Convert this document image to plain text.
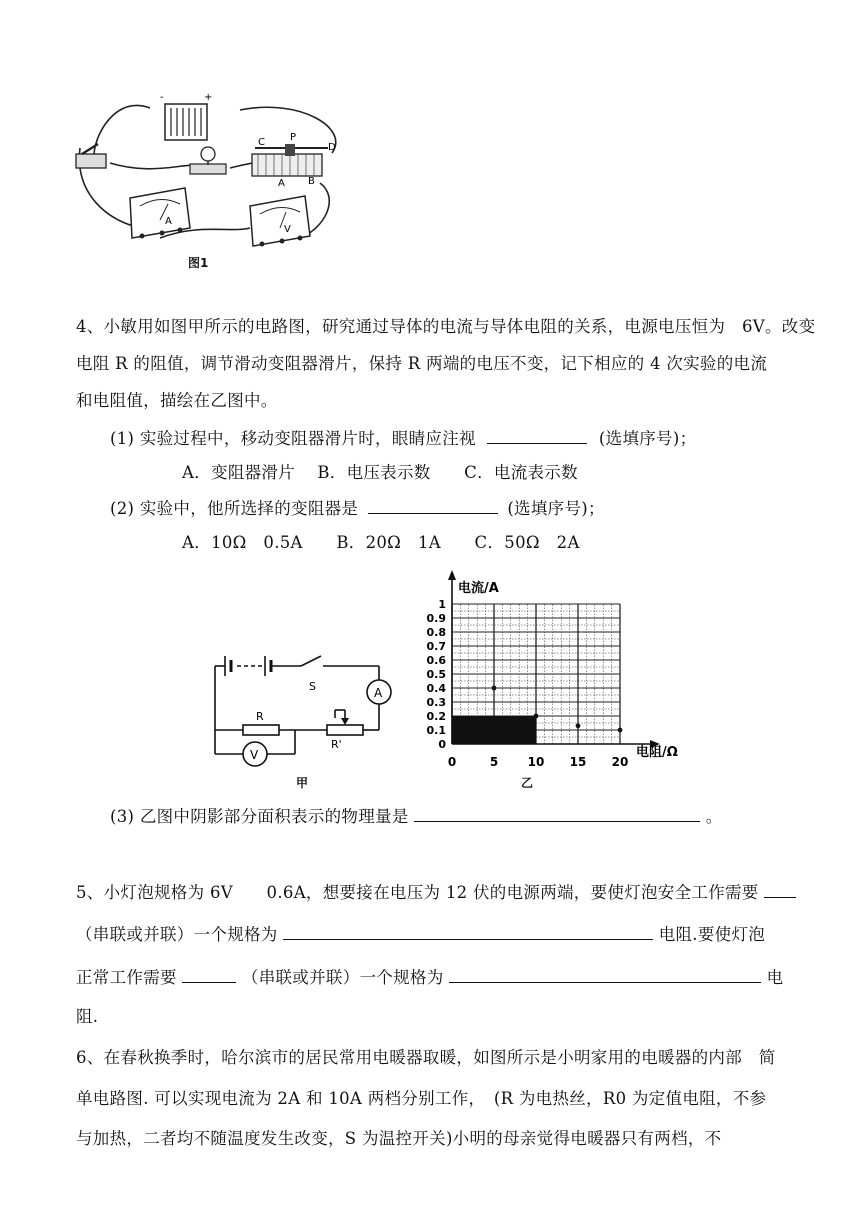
-	+
C	P
D
A B
A
V
图1
4、小敏用如图甲所示的电路图，研究通过导体的电流与导体电阻的关系，电源电压恒为　6V。改变
电阻 R 的阻值，调节滑动变阻器滑片，保持 R 两端的电压不变，记下相应的 4 次实验的电流
和电阻值，描绘在乙图中。
(1) 实验过程中，移动变阻器滑片时，眼睛应注视	(选填序号)；
A．变阻器滑片　 B．电压表示数　　C．电流表示数
(2) 实验中，他所选择的变阻器是	(选填序号)；
A．10Ω　0.5A　　B．20Ω　1A　　C．50Ω　2A
S	A
R
R'
V
甲
0
0.1
0.2
0.3
0.4
0.5
0.6
0.7
0.8
0.9
1
0	5 10 15 20
电流/A
电阻/Ω
乙
(3) 乙图中阴影部分面积表示的物理量是	。
5、小灯泡规格为 6V　　0.6A，想要接在电压为 12 伏的电源两端，要使灯泡安全工作需要
（串联或并联）一个规格为	电阻.要使灯泡
正常工作需要	（串联或并联）一个规格为	电
阻.
6、在春秋换季时，哈尔滨市的居民常用电暖器取暖，如图所示是小明家用的电暖器的内部　简
单电路图. 可以实现电流为 2A 和 10A 两档分别工作，　(R 为电热丝，R0 为定值电阻，不参
与加热，二者均不随温度发生改变，S 为温控开关)小明的母亲觉得电暖器只有两档，不
